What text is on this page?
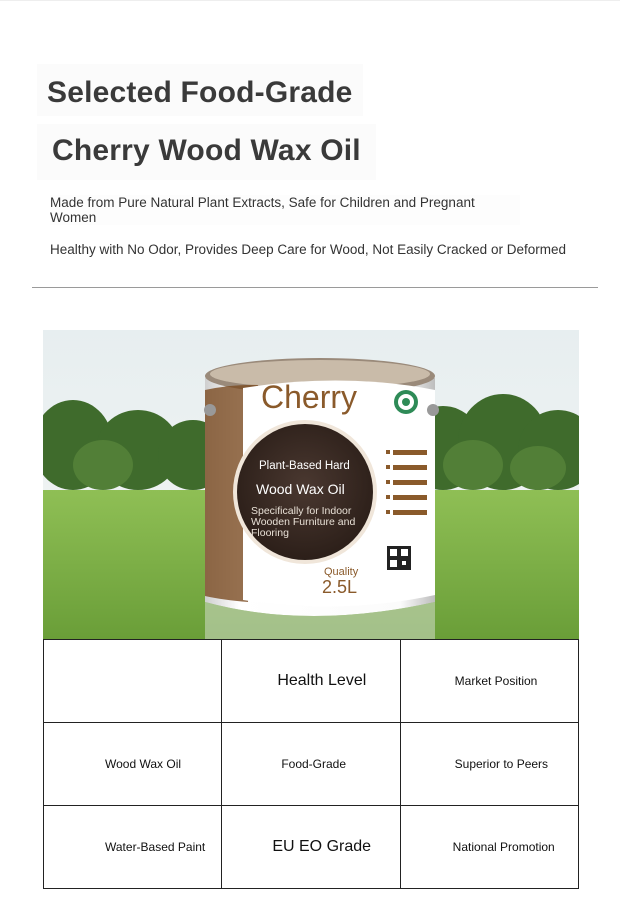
Selected Food-Grade
Cherry Wood Wax Oil
Made from Pure Natural Plant Extracts, Safe for Children and Pregnant Women
Healthy with No Odor, Provides Deep Care for Wood, Not Easily Cracked or Deformed
Cherry
Plant-Based Hard
Wood Wax Oil
Specifically for Indoor Wooden Furniture and Flooring
Quality
2.5L

	Health Level	Market Position

Wood Wax Oil	Food-Grade	Superior to Peers

Water-Based Paint	EU EO Grade	National Promotion
